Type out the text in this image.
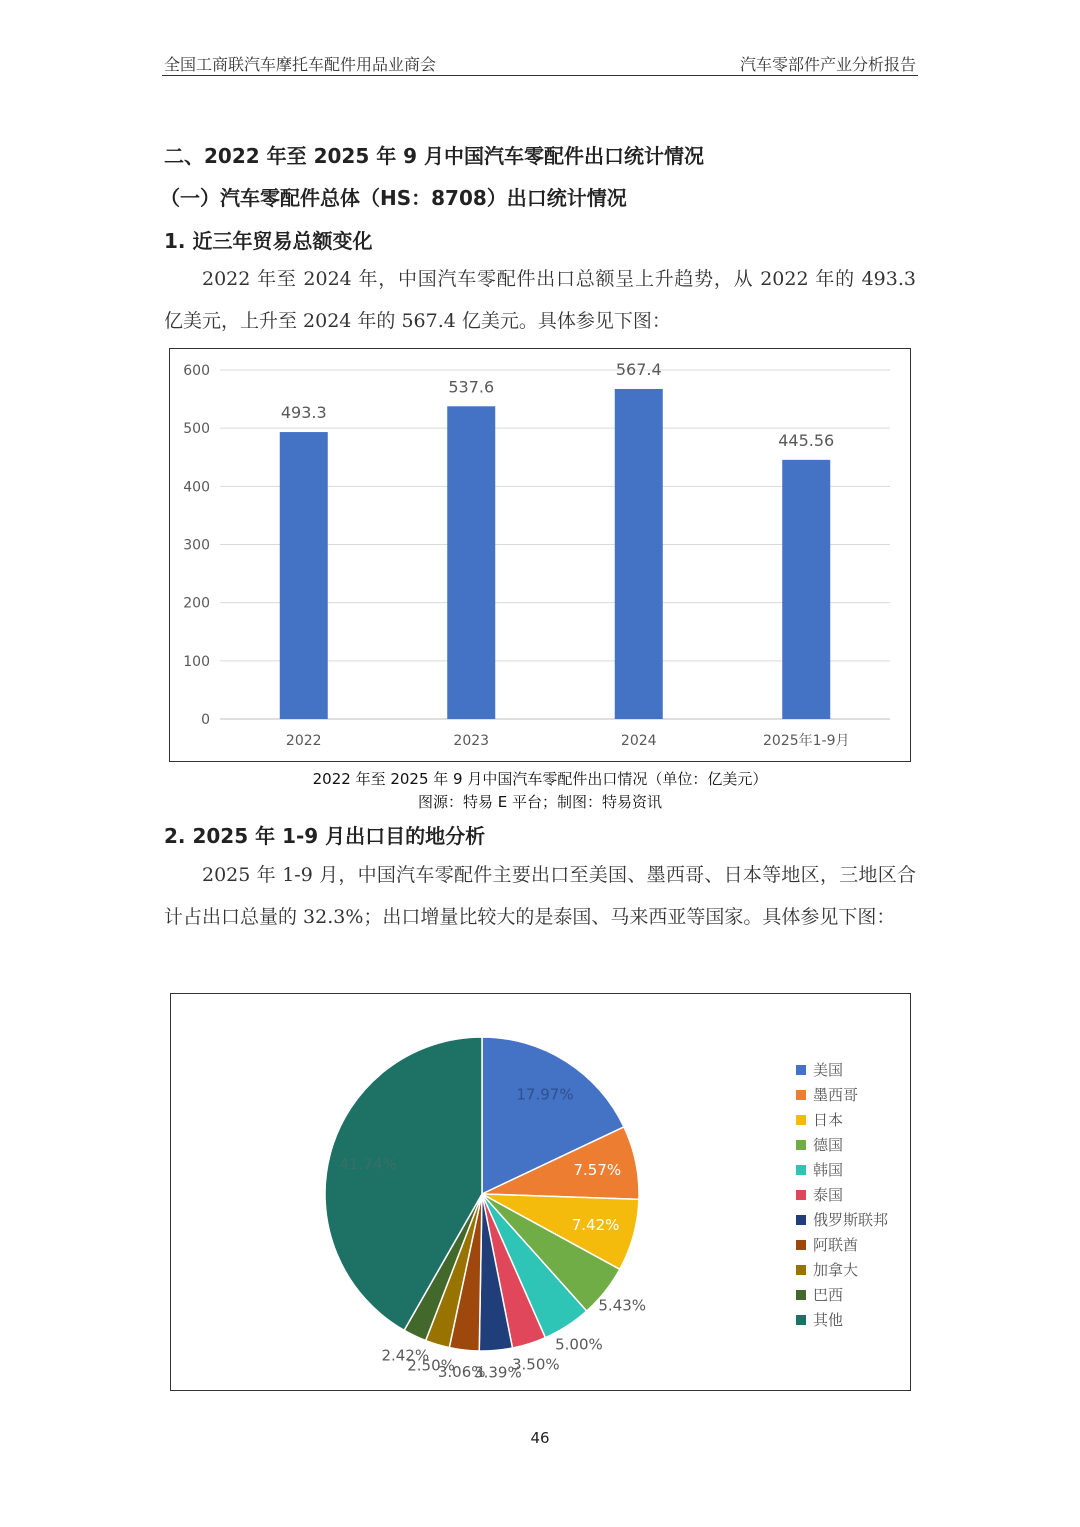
全国工商联汽车摩托车配件用品业商会	汽车零部件产业分析报告
二、2022 年至 2025 年 9 月中国汽车零配件出口统计情况
（一）汽车零配件总体（HS：8708）出口统计情况
1. 近三年贸易总额变化

2022 年至 2024 年，中国汽车零配件出口总额呈上升趋势，从 2022 年的 493.3 亿美元，上升至 2024 年的 567.4 亿美元。具体参见下图：

0
100
200
300
400
500
600
493.3
2022
537.6
2023
567.4
2024
445.56
2025年1-9月
2022 年至 2025 年 9 月中国汽车零配件出口情况（单位：亿美元）
图源：特易 E 平台；制图：特易资讯
2. 2025 年 1-9 月出口目的地分析

2025 年 1-9 月，中国汽车零配件主要出口至美国、墨西哥、日本等地区，三地区合计占出口总量的 32.3%；出口增量比较大的是泰国、马来西亚等国家。具体参见下图：

17.97%
7.57%
7.42%
5.43%
5.00%
3.50%
3.39%
3.06%
2.50%
2.42%
41.74%
美国
墨西哥
日本
德国
韩国
泰国
俄罗斯联邦
阿联酋
加拿大
巴西
其他
46
